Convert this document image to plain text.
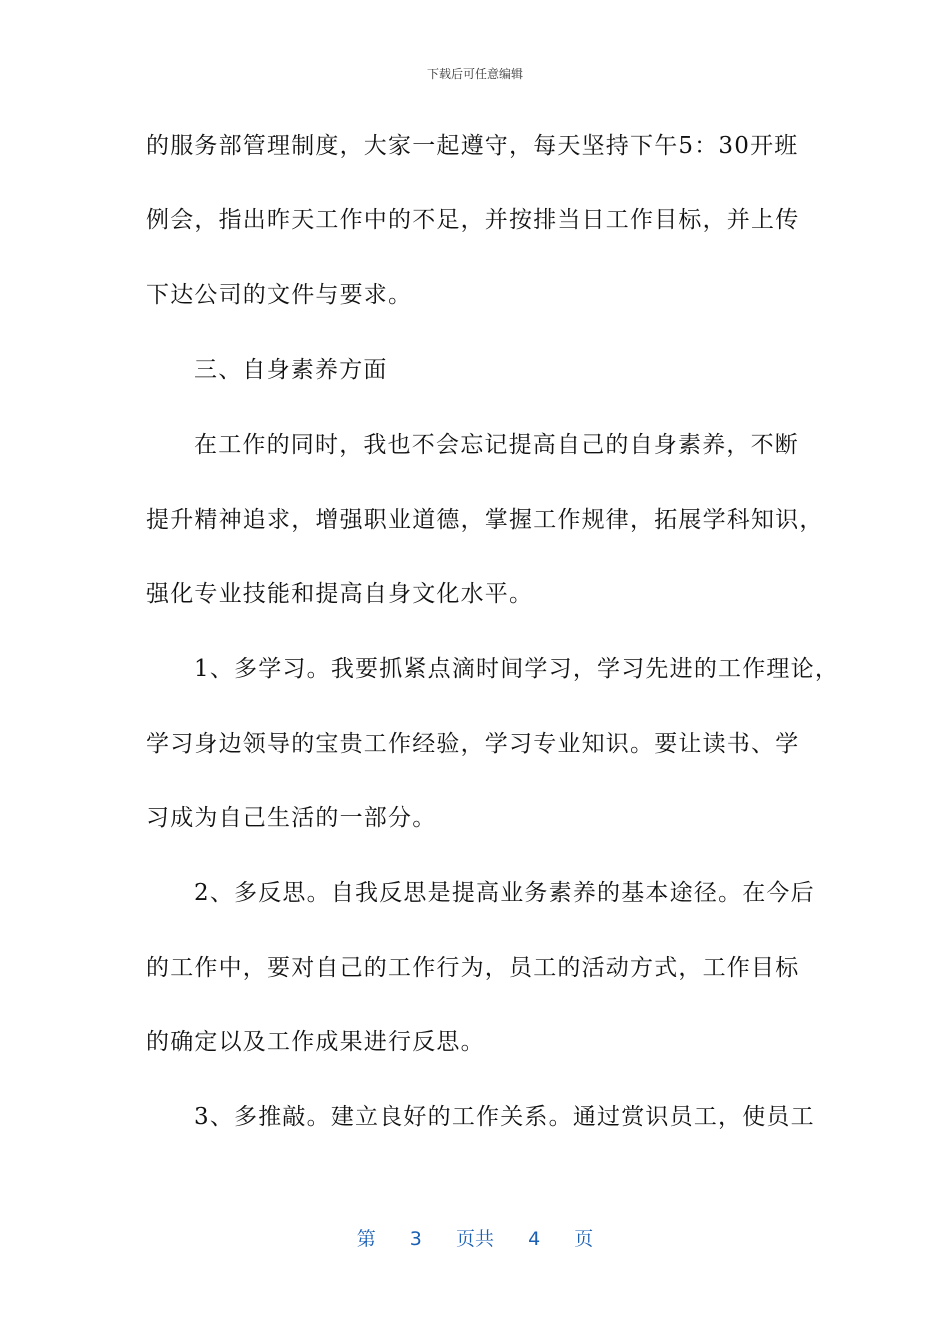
下载后可任意编辑
的服务部管理制度，大家一起遵守，每天坚持下午5：30开班
例会，指出昨天工作中的不足，并按排当日工作目标，并上传
下达公司的文件与要求。
三、自身素养方面
在工作的同时，我也不会忘记提高自己的自身素养，不断
提升精神追求，增强职业道德，掌握工作规律，拓展学科知识，
强化专业技能和提高自身文化水平。
1、多学习。我要抓紧点滴时间学习，学习先进的工作理论，
学习身边领导的宝贵工作经验，学习专业知识。要让读书、学
习成为自己生活的一部分。
2、多反思。自我反思是提高业务素养的基本途径。在今后
的工作中，要对自己的工作行为，员工的活动方式，工作目标
的确定以及工作成果进行反思。
3、多推敲。建立良好的工作关系。通过赏识员工，使员工
第 3 页共 4 页
